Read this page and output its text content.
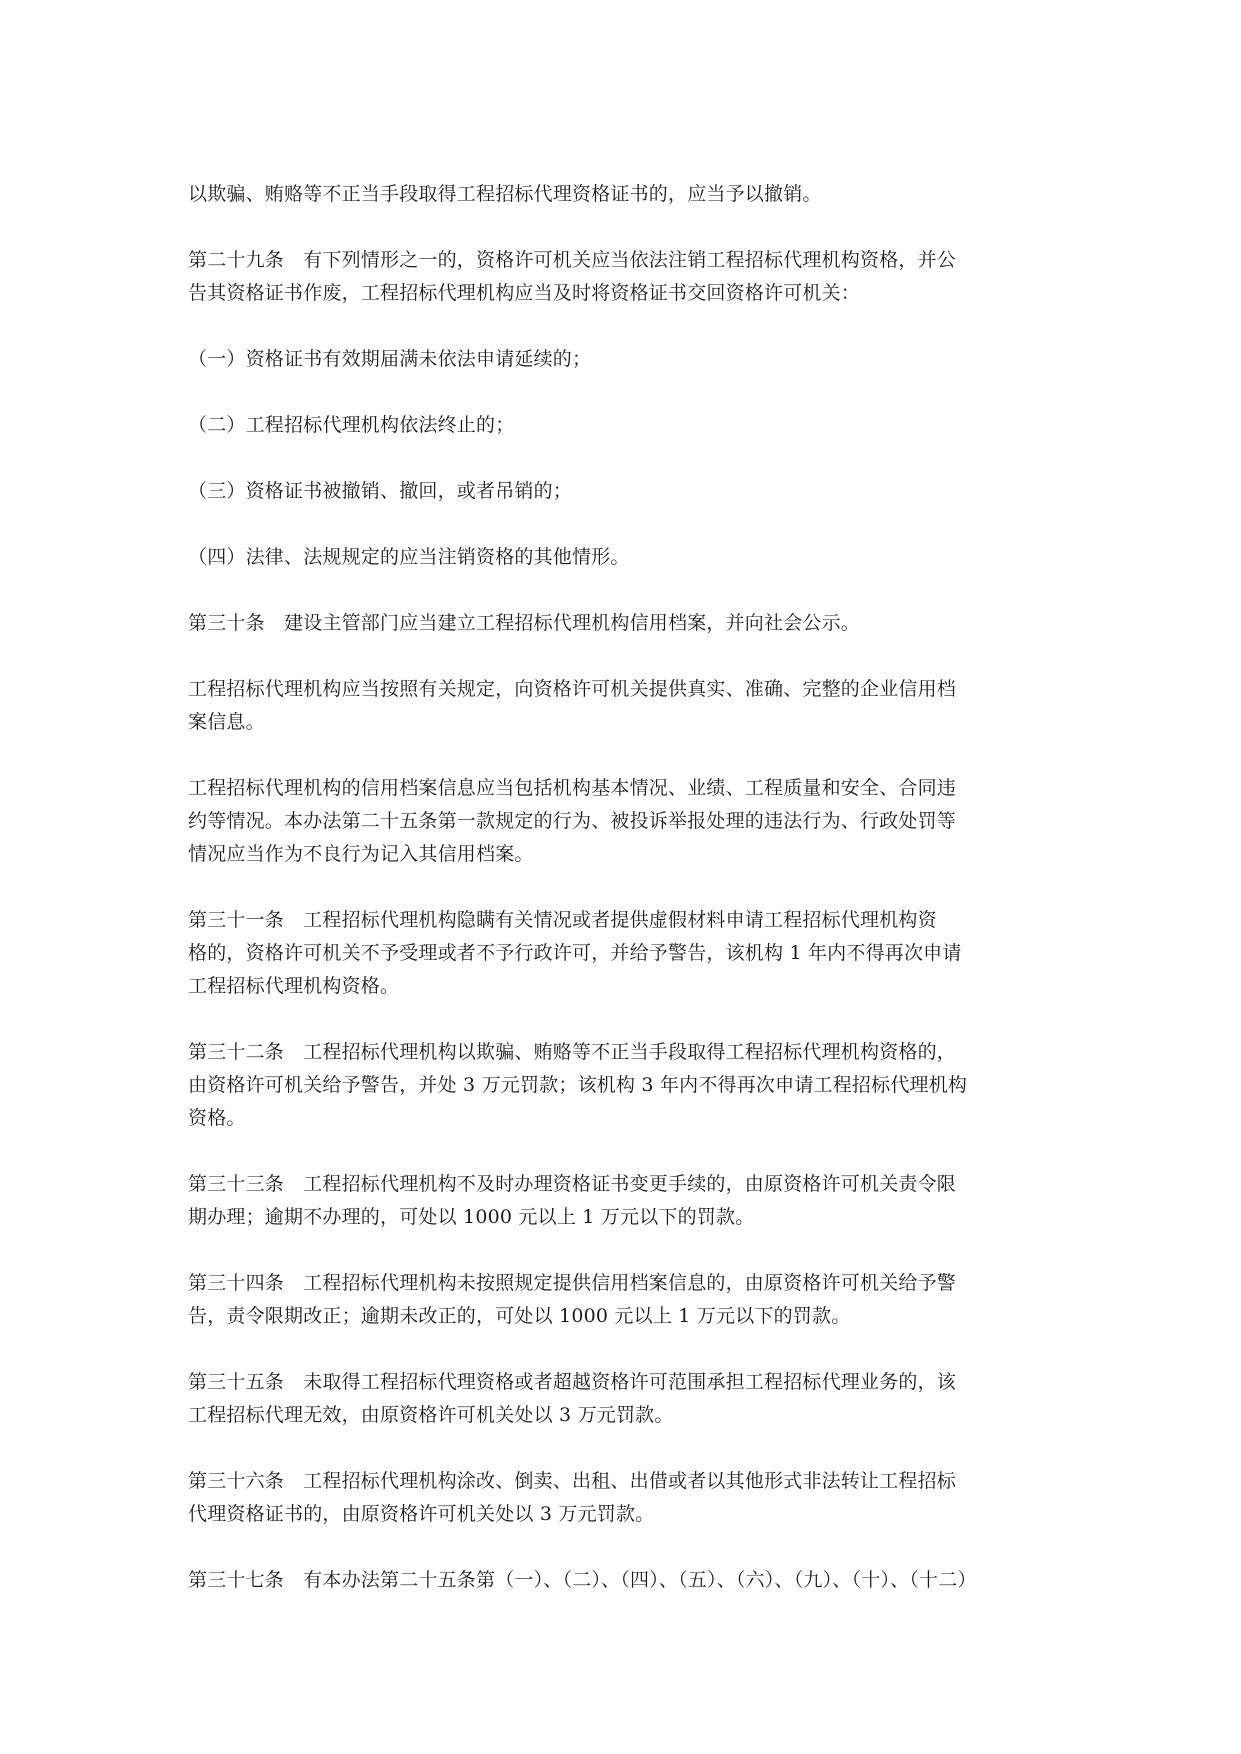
以欺骗、贿赂等不正当手段取得工程招标代理资格证书的，应当予以撤销。
第二十九条　有下列情形之一的，资格许可机关应当依法注销工程招标代理机构资格，并公
告其资格证书作废，工程招标代理机构应当及时将资格证书交回资格许可机关：
（一）资格证书有效期届满未依法申请延续的；
（二）工程招标代理机构依法终止的；
（三）资格证书被撤销、撤回，或者吊销的；
（四）法律、法规规定的应当注销资格的其他情形。
第三十条　建设主管部门应当建立工程招标代理机构信用档案，并向社会公示。
工程招标代理机构应当按照有关规定，向资格许可机关提供真实、准确、完整的企业信用档
案信息。
工程招标代理机构的信用档案信息应当包括机构基本情况、业绩、工程质量和安全、合同违
约等情况。本办法第二十五条第一款规定的行为、被投诉举报处理的违法行为、行政处罚等
情况应当作为不良行为记入其信用档案。
第三十一条　工程招标代理机构隐瞒有关情况或者提供虚假材料申请工程招标代理机构资
格的，资格许可机关不予受理或者不予行政许可，并给予警告，该机构 1 年内不得再次申请
工程招标代理机构资格。
第三十二条　工程招标代理机构以欺骗、贿赂等不正当手段取得工程招标代理机构资格的，
由资格许可机关给予警告，并处 3 万元罚款；该机构 3 年内不得再次申请工程招标代理机构
资格。
第三十三条　工程招标代理机构不及时办理资格证书变更手续的，由原资格许可机关责令限
期办理；逾期不办理的，可处以 1000 元以上 1 万元以下的罚款。
第三十四条　工程招标代理机构未按照规定提供信用档案信息的，由原资格许可机关给予警
告，责令限期改正；逾期未改正的，可处以 1000 元以上 1 万元以下的罚款。
第三十五条　未取得工程招标代理资格或者超越资格许可范围承担工程招标代理业务的，该
工程招标代理无效，由原资格许可机关处以 3 万元罚款。
第三十六条　工程招标代理机构涂改、倒卖、出租、出借或者以其他形式非法转让工程招标
代理资格证书的，由原资格许可机关处以 3 万元罚款。
第三十七条　有本办法第二十五条第（一）、（二）、（四）、（五）、（六）、（九）、（十）、（十二）
